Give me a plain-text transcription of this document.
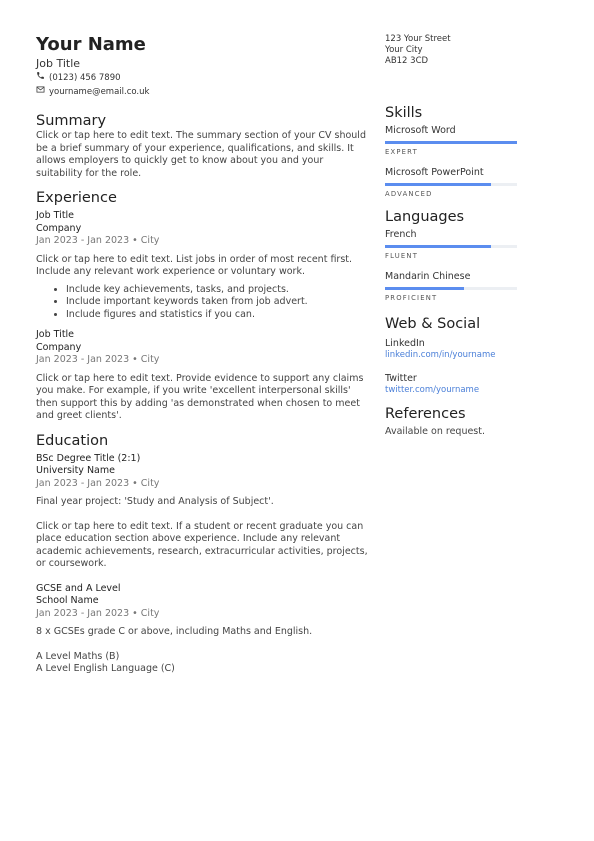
Your Name
Job Title
(0123) 456 7890
yourname@email.co.uk
Summary

Click or tap here to edit text. The summary section of your CV should be a brief summary of your experience, qualifications, and skills. It allows employers to quickly get to know about you and your suitability for the role.

Experience
Job Title
Company
Jan 2023 - Jan 2023 • City

Click or tap here to edit text. List jobs in order of most recent first. Include any relevant work experience or voluntary work.

• Include key achievements, tasks, and projects.
• Include important keywords taken from job advert.
• Include figures and statistics if you can.
Job Title
Company
Jan 2023 - Jan 2023 • City

Click or tap here to edit text. Provide evidence to support any claims you make. For example, if you write 'excellent interpersonal skills' then support this by adding 'as demonstrated when chosen to meet and greet clients'.

Education
BSc Degree Title (2:1)
University Name
Jan 2023 - Jan 2023 • City

Final year project: 'Study and Analysis of Subject'.

Click or tap here to edit text. If a student or recent graduate you can place education section above experience. Include any relevant academic achievements, research, extracurricular activities, projects, or coursework.

GCSE and A Level
School Name
Jan 2023 - Jan 2023 • City

8 x GCSEs grade C or above, including Maths and English.

A Level Maths (B)

A Level English Language (C)

123 Your Street
Your City
AB12 3CD
Skills
Microsoft Word
EXPERT
Microsoft PowerPoint
ADVANCED
Languages
French
FLUENT
Mandarin Chinese
PROFICIENT
Web & Social
LinkedIn
linkedin.com/in/yourname
Twitter
twitter.com/yourname
References
Available on request.
